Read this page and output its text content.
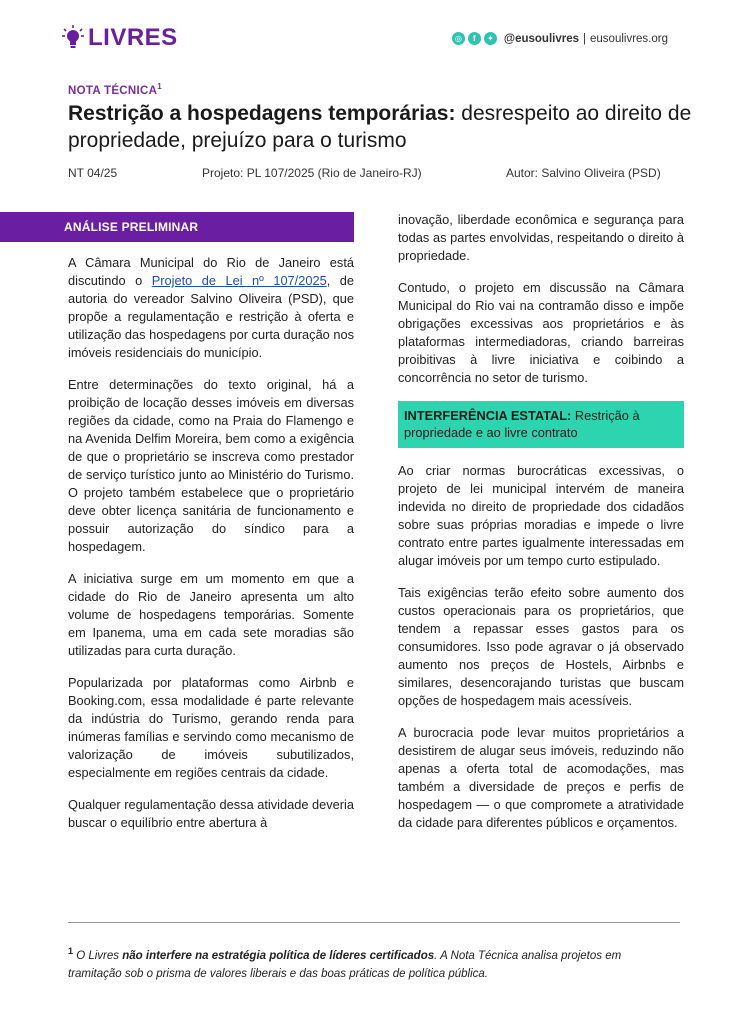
LIVRES	◎	f	✦ @eusoulivres | eusoulivres.org
NOTA TÉCNICA$^1$
Restrição a hospedagens temporárias: desrespeito ao direito de propriedade, prejuízo para o turismo
NT 04/25	Projeto: PL 107/2025 (Rio de Janeiro-RJ)	Autor: Salvino Oliveira (PSD)
ANÁLISE PRELIMINAR

A Câmara Municipal do Rio de Janeiro está discutindo o Projeto de Lei nº 107/2025, de autoria do vereador Salvino Oliveira (PSD), que propõe a regulamentação e restrição à oferta e utilização das hospedagens por curta duração nos imóveis residenciais do município.

Entre determinações do texto original, há a proibição de locação desses imóveis em diversas regiões da cidade, como na Praia do Flamengo e na Avenida Delfim Moreira, bem como a exigência de que o proprietário se inscreva como prestador de serviço turístico junto ao Ministério do Turismo. O projeto também estabelece que o proprietário deve obter licença sanitária de funcionamento e possuir autorização do síndico para a hospedagem.

A iniciativa surge em um momento em que a cidade do Rio de Janeiro apresenta um alto volume de hospedagens temporárias. Somente em Ipanema, uma em cada sete moradias são utilizadas para curta duração.

Popularizada por plataformas como Airbnb e Booking.com, essa modalidade é parte relevante da indústria do Turismo, gerando renda para inúmeras famílias e servindo como mecanismo de valorização de imóveis subutilizados, especialmente em regiões centrais da cidade.

Qualquer regulamentação dessa atividade deveria buscar o equilíbrio entre abertura à

inovação, liberdade econômica e segurança para todas as partes envolvidas, respeitando o direito à propriedade.

Contudo, o projeto em discussão na Câmara Municipal do Rio vai na contramão disso e impõe obrigações excessivas aos proprietários e às plataformas intermediadoras, criando barreiras proibitivas à livre iniciativa e coibindo a concorrência no setor de turismo.

INTERFERÊNCIA ESTATAL: Restrição à propriedade e ao livre contrato

Ao criar normas burocráticas excessivas, o projeto de lei municipal intervém de maneira indevida no direito de propriedade dos cidadãos sobre suas próprias moradias e impede o livre contrato entre partes igualmente interessadas em alugar imóveis por um tempo curto estipulado.

Tais exigências terão efeito sobre aumento dos custos operacionais para os proprietários, que tendem a repassar esses gastos para os consumidores. Isso pode agravar o já observado aumento nos preços de Hostels, Airbnbs e similares, desencorajando turistas que buscam opções de hospedagem mais acessíveis.

A burocracia pode levar muitos proprietários a desistirem de alugar seus imóveis, reduzindo não apenas a oferta total de acomodações, mas também a diversidade de preços e perfis de hospedagem — o que compromete a atratividade da cidade para diferentes públicos e orçamentos.

$^1$ O Livres não interfere na estratégia política de líderes certificados. A Nota Técnica analisa projetos em tramitação sob o prisma de valores liberais e das boas práticas de política pública.
